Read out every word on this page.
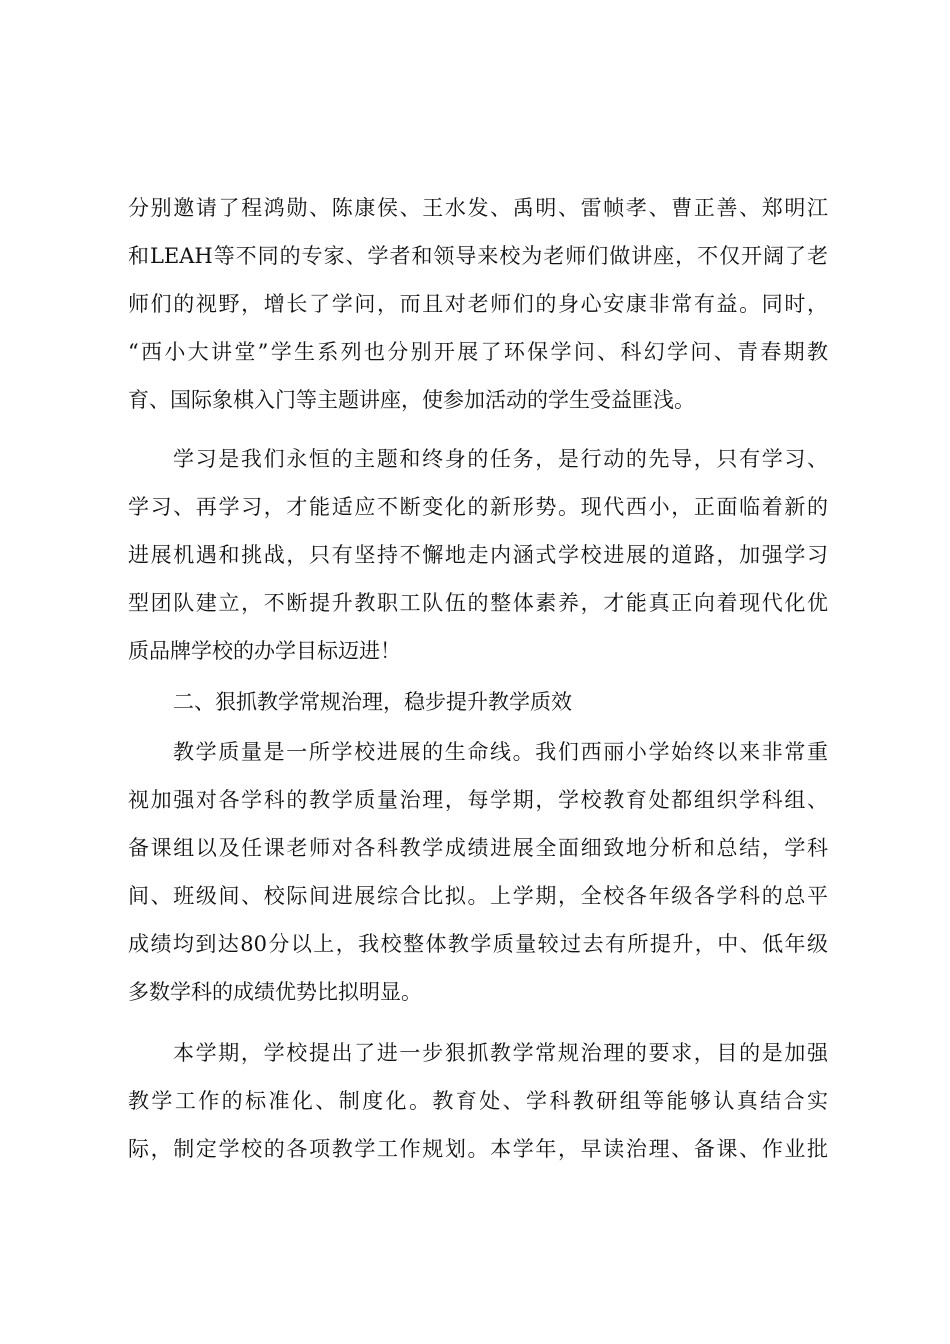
分别邀请了程鸿勋、陈康侯、王水发、禹明、雷帧孝、曹正善、郑明江
和LEAH等不同的专家、学者和领导来校为老师们做讲座，不仅开阔了老
师们的视野，增长了学问，而且对老师们的身心安康非常有益。同时，
“西小大讲堂”学生系列也分别开展了环保学问、科幻学问、青春期教
育、国际象棋入门等主题讲座，使参加活动的学生受益匪浅。
学习是我们永恒的主题和终身的任务，是行动的先导，只有学习、
学习、再学习，才能适应不断变化的新形势。现代西小，正面临着新的
进展机遇和挑战，只有坚持不懈地走内涵式学校进展的道路，加强学习
型团队建立，不断提升教职工队伍的整体素养，才能真正向着现代化优
质品牌学校的办学目标迈进！
二、狠抓教学常规治理，稳步提升教学质效
教学质量是一所学校进展的生命线。我们西丽小学始终以来非常重
视加强对各学科的教学质量治理，每学期，学校教育处都组织学科组、
备课组以及任课老师对各科教学成绩进展全面细致地分析和总结，学科
间、班级间、校际间进展综合比拟。上学期，全校各年级各学科的总平
成绩均到达80分以上，我校整体教学质量较过去有所提升，中、低年级
多数学科的成绩优势比拟明显。
本学期，学校提出了进一步狠抓教学常规治理的要求，目的是加强
教学工作的标准化、制度化。教育处、学科教研组等能够认真结合实
际，制定学校的各项教学工作规划。本学年，早读治理、备课、作业批
